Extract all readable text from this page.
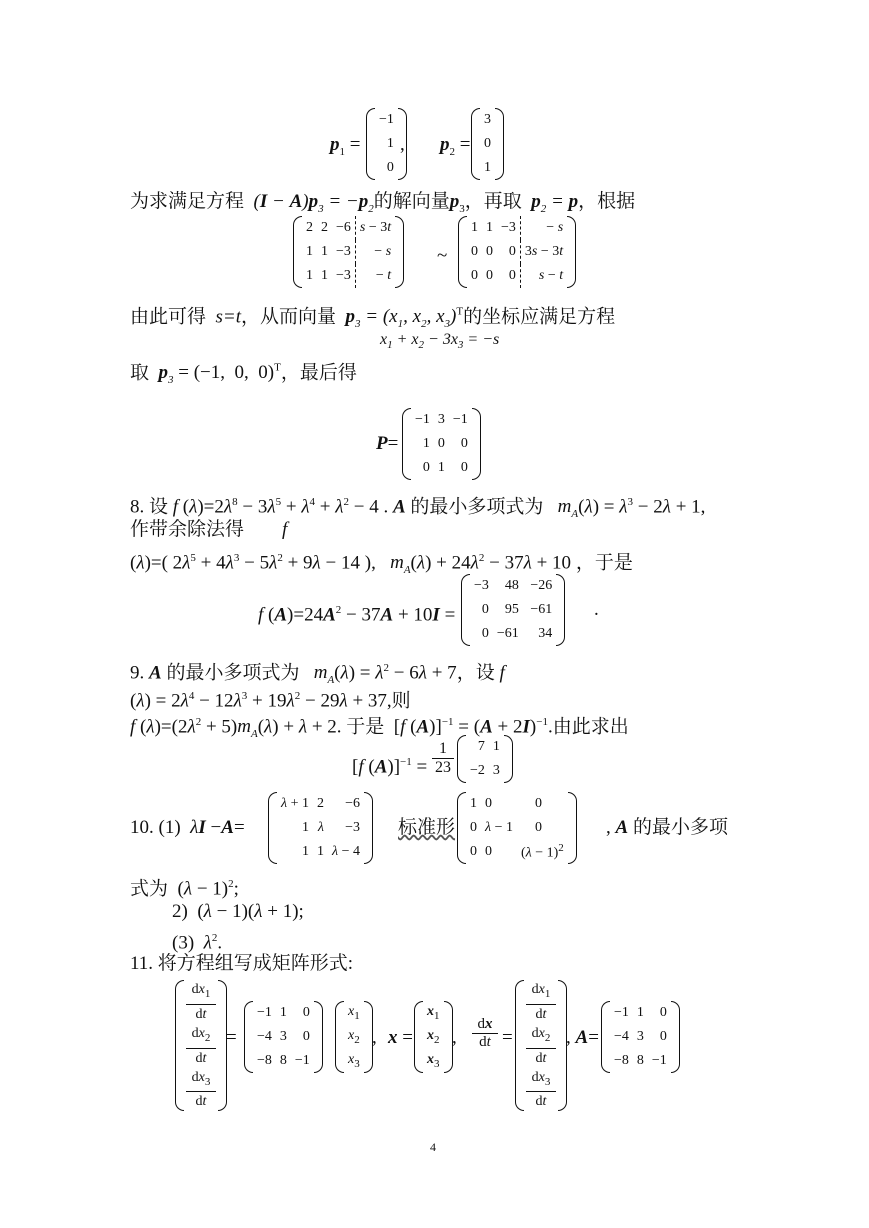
$p_1$ =
−1
1
0
, $p_2$ =
3
0
1
为求满足方程  $(I - A)p_3 = -p_2$的解向量$p_3$，再取 $p_2 = p$，根据
2	2	−6	s − 3t
1	1	−3	− s
1	1	−3	− t
~
1	1	−3	− s
0	0	0	3s − 3t
0	0	0	s − t
由此可得  s=t，从而向量 $p_3 = (x_1$, $x_2$, $x_3)^T$的坐标应满足方程
$x_1 + x_2 - 3x_3 = -s$
取 $p_3 = (-1$,  0,  0)$^T$，最后得
P=
−1	3	−1
1	0	0
0	1	0
8. 设 f $(\lambda)=2\lambda^8 - 3\lambda^5 + \lambda^4 + \lambda^2 - 4$ . A 的最小多项式为   $m_A(\lambda) = \lambda^3 - 2\lambda + 1$,
作带余除法得        f
(λ)=( $2\lambda^5 + 4\lambda^3 - 5\lambda^2 + 9\lambda - 14$ ),   $m_A(\lambda) + 24\lambda^2 - 37\lambda + 10$ ，于是
f $(A)=24A^2 - 37A + 10I$ =
−3	48	−26
0	95	−61
0	−61	34
.
9. A 的最小多项式为   $m_A(\lambda) = \lambda^2 - 6\lambda + 7$，设 f
$(\lambda) = 2\lambda^4 - 12\lambda^3 + 19\lambda^2 - 29\lambda + 37$,则
f $(\lambda)=(2\lambda^2 + 5)m_A(\lambda) + \lambda + 2$. 于是  [f $(A)]^{-1} = (A + 2I)^{-1}$.由此求出
[f (A)]$^{-1}$ =
1
23
7	1
−2	3
10. (1) λI −A=
λ + 1	2	−6
1	λ	−3
1	1	λ − 4
标准形
1	0	0
0	λ − 1	0
0	0	$(\lambda - 1)^2$
, A 的最小多项
式为  $(\lambda - 1)^2$;
2)  (λ − 1)(λ + 1);
(3) $\lambda^2$.
11. 将方程组写成矩阵形式:
$dx_1$
dt
$dx_2$
dt
$dx_3$
dt
=
−1	1	0
−4	3	0
−8	8	−1
$x_1$
$x_2$
$x_3$
, x =
$x_1$
$x_2$
$x_3$
,
dx
dt =
$dx_1$
dt
$dx_2$
dt
$dx_3$
dt
, A=
−1	1	0
−4	3	0
−8	8	−1
4
